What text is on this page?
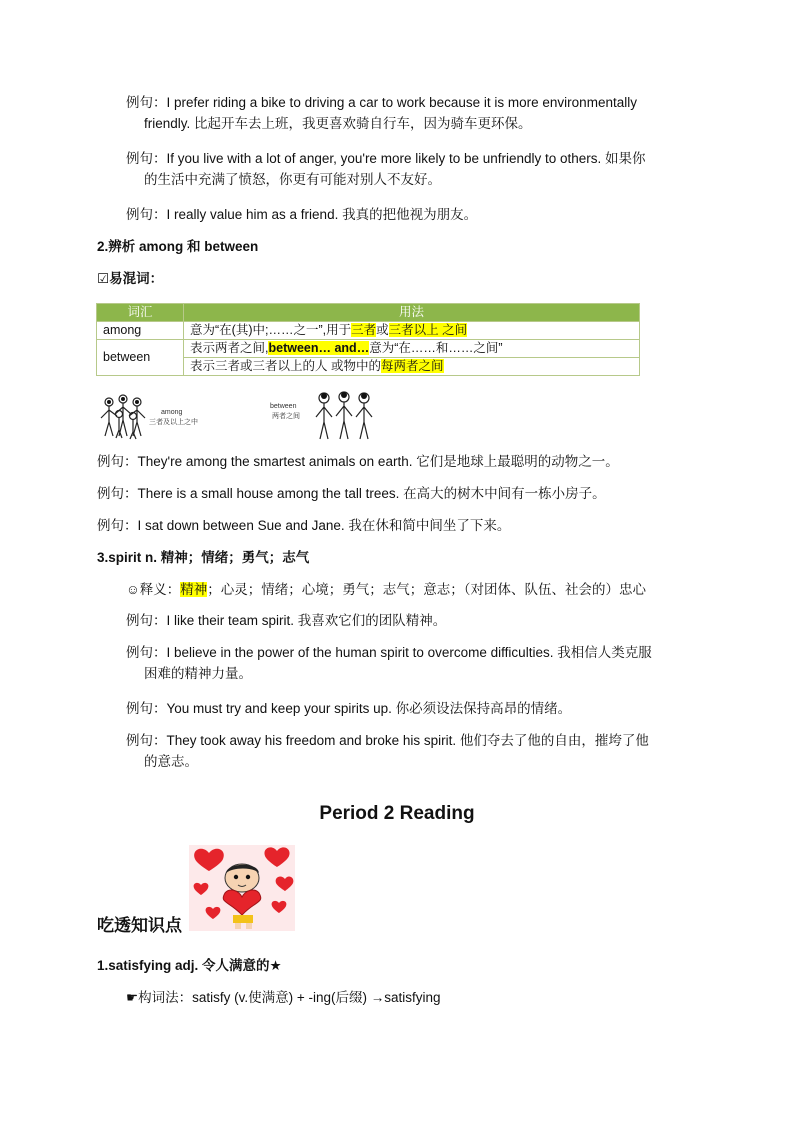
例句：I prefer riding a bike to driving a car to work because it is more environmentally
friendly. 比起开车去上班，我更喜欢骑自行车，因为骑车更环保。

例句：If you live with a lot of anger, you're more likely to be unfriendly to others. 如果你
的生活中充满了愤怒，你更有可能对别人不友好。

例句：I really value him as a friend. 我真的把他视为朋友。

2.辨析 among 和 between

☑易混词：

词汇	用法
among	意为“在(其)中;……之一”,用于三者或三者以上 之间
between	表示两者之间,between… and…意为“在……和……之间”
	表示三者或三者以上的人 或物中的每两者之间
among
三者及以上之中
between
两者之间

例句：They're among the smartest animals on earth. 它们是地球上最聪明的动物之一。

例句：There is a small house among the tall trees. 在高大的树木中间有一栋小房子。

例句：I sat down between Sue and Jane. 我在休和简中间坐了下来。

3.spirit n. 精神；情绪；勇气；志气

☺释义：精神；心灵；情绪；心境；勇气；志气；意志；（对团体、队伍、社会的）忠心

例句：I like their team spirit. 我喜欢它们的团队精神。

例句：I believe in the power of the human spirit to overcome difficulties. 我相信人类克服
困难的精神力量。

例句：You must try and keep your spirits up. 你必须设法保持高昂的情绪。

例句：They took away his freedom and broke his spirit. 他们夺去了他的自由，摧垮了他
的意志。

Period 2 Reading

吃透知识点

1.satisfying adj. 令人满意的★

☛构词法：satisfy (v.使满意) + -ing(后缀) →satisfying
